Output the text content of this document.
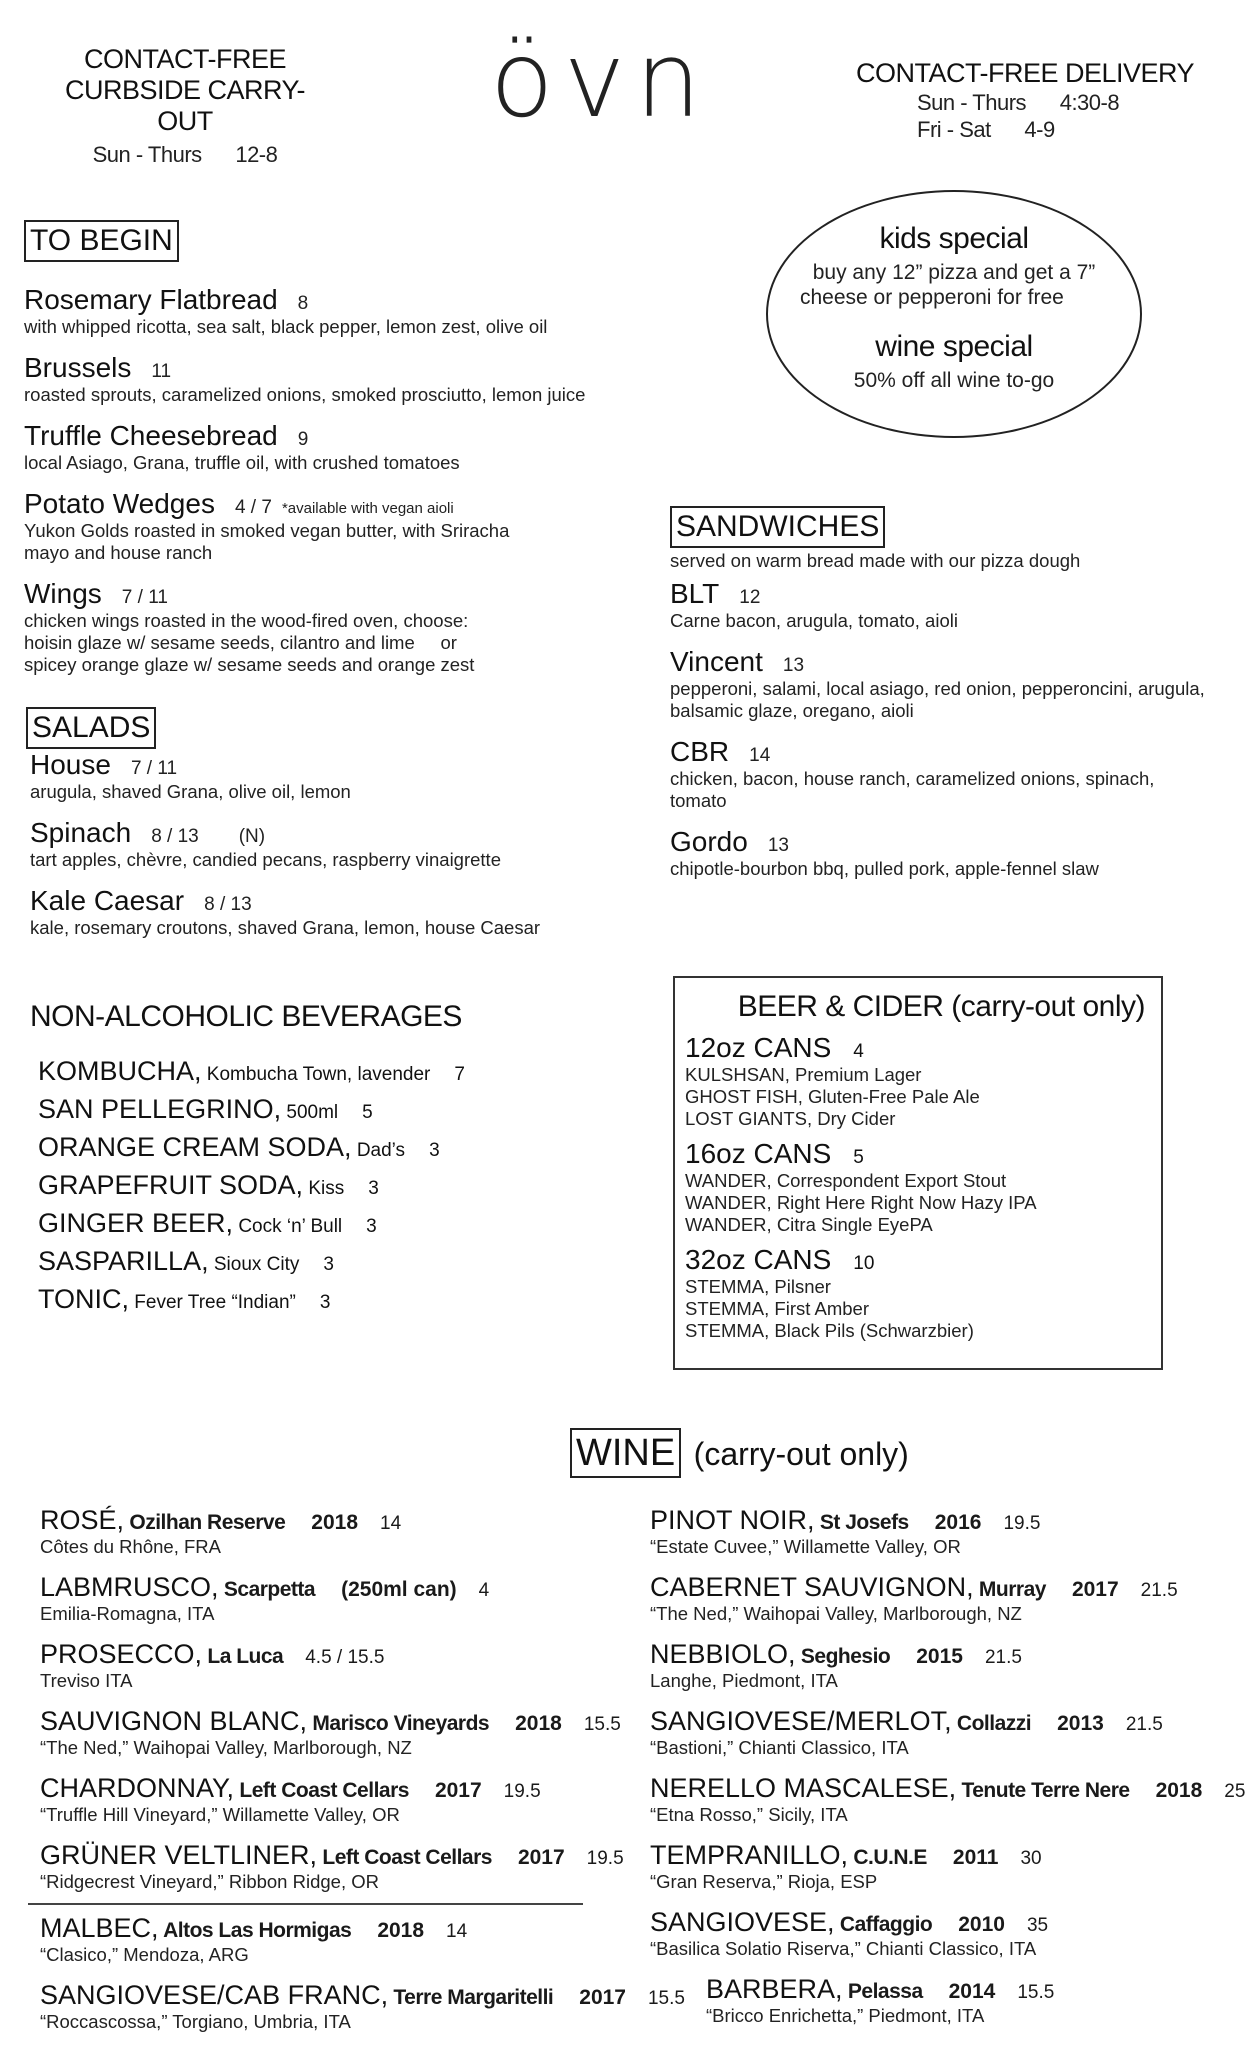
CONTACT-FREE
CURBSIDE CARRY-OUT
Sun - Thurs      12-8
övn	CONTACT-FREE DELIVERY
Sun - Thurs      4:30-8
Fri - Sat      4-9
kids special
buy any 12” pizza and get a 7”
cheese or pepperoni for free
wine special
50% off all wine to-go
TO BEGIN
Rosemary Flatbread 8
with whipped ricotta, sea salt, black pepper, lemon zest, olive oil
Brussels 11
roasted sprouts, caramelized onions, smoked prosciutto, lemon juice
Truffle Cheesebread 9
local Asiago, Grana, truffle oil, with crushed tomatoes
Potato Wedges 4 / 7 *available with vegan aioli
Yukon Golds roasted in smoked vegan butter, with Sriracha
mayo and house ranch
Wings 7 / 11
chicken wings roasted in the wood-fired oven, choose:
hoisin glaze w/ sesame seeds, cilantro and lime     or
spicey orange glaze w/ sesame seeds and orange zest
SALADS
House 7 / 11
arugula, shaved Grana, olive oil, lemon
Spinach 8 / 13 (N)
tart apples, chèvre, candied pecans, raspberry vinaigrette
Kale Caesar 8 / 13
kale, rosemary croutons, shaved Grana, lemon, house Caesar
SANDWICHES
served on warm bread made with our pizza dough
BLT 12
Carne bacon, arugula, tomato, aioli
Vincent 13
pepperoni, salami, local asiago, red onion, pepperoncini, arugula,
balsamic glaze, oregano, aioli
CBR 14
chicken, bacon, house ranch, caramelized onions, spinach,
tomato
Gordo 13
chipotle-bourbon bbq, pulled pork, apple-fennel slaw
NON-ALCOHOLIC BEVERAGES
KOMBUCHA, Kombucha Town, lavender 7
SAN PELLEGRINO, 500ml 5
ORANGE CREAM SODA, Dad’s 3
GRAPEFRUIT SODA, Kiss 3
GINGER BEER, Cock ‘n’ Bull 3
SASPARILLA, Sioux City 3
TONIC, Fever Tree “Indian” 3
BEER & CIDER (carry-out only)
12oz CANS 4
KULSHSAN, Premium Lager
GHOST FISH, Gluten-Free Pale Ale
LOST GIANTS, Dry Cider
16oz CANS 5
WANDER, Correspondent Export Stout
WANDER, Right Here Right Now Hazy IPA
WANDER, Citra Single EyePA
32oz CANS 10
STEMMA, Pilsner
STEMMA, First Amber
STEMMA, Black Pils (Schwarzbier)
WINE (carry-out only)
ROSÉ, Ozilhan Reserve 2018 14
Côtes du Rhône, FRA
LABMRUSCO, Scarpetta (250ml can) 4
Emilia-Romagna, ITA
PROSECCO, La Luca 4.5 / 15.5
Treviso ITA
SAUVIGNON BLANC, Marisco Vineyards 2018 15.5
“The Ned,” Waihopai Valley, Marlborough, NZ
CHARDONNAY, Left Coast Cellars 2017 19.5
“Truffle Hill Vineyard,” Willamette Valley, OR
GRÜNER VELTLINER, Left Coast Cellars 2017 19.5
“Ridgecrest Vineyard,” Ribbon Ridge, OR
MALBEC, Altos Las Hormigas 2018 14
“Clasico,” Mendoza, ARG
SANGIOVESE/CAB FRANC, Terre Margaritelli 2017 15.5
“Roccascossa,” Torgiano, Umbria, ITA
PINOT NOIR, St Josefs 2016 19.5
“Estate Cuvee,” Willamette Valley, OR
CABERNET SAUVIGNON, Murray 2017 21.5
“The Ned,” Waihopai Valley, Marlborough, NZ
NEBBIOLO, Seghesio 2015 21.5
Langhe, Piedmont, ITA
SANGIOVESE/MERLOT, Collazzi 2013 21.5
“Bastioni,” Chianti Classico, ITA
NERELLO MASCALESE, Tenute Terre Nere 2018 25
“Etna Rosso,” Sicily, ITA
TEMPRANILLO, C.U.N.E 2011 30
“Gran Reserva,” Rioja, ESP
SANGIOVESE, Caffaggio 2010 35
“Basilica Solatio Riserva,” Chianti Classico, ITA
BARBERA, Pelassa 2014 15.5
“Bricco Enrichetta,” Piedmont, ITA
